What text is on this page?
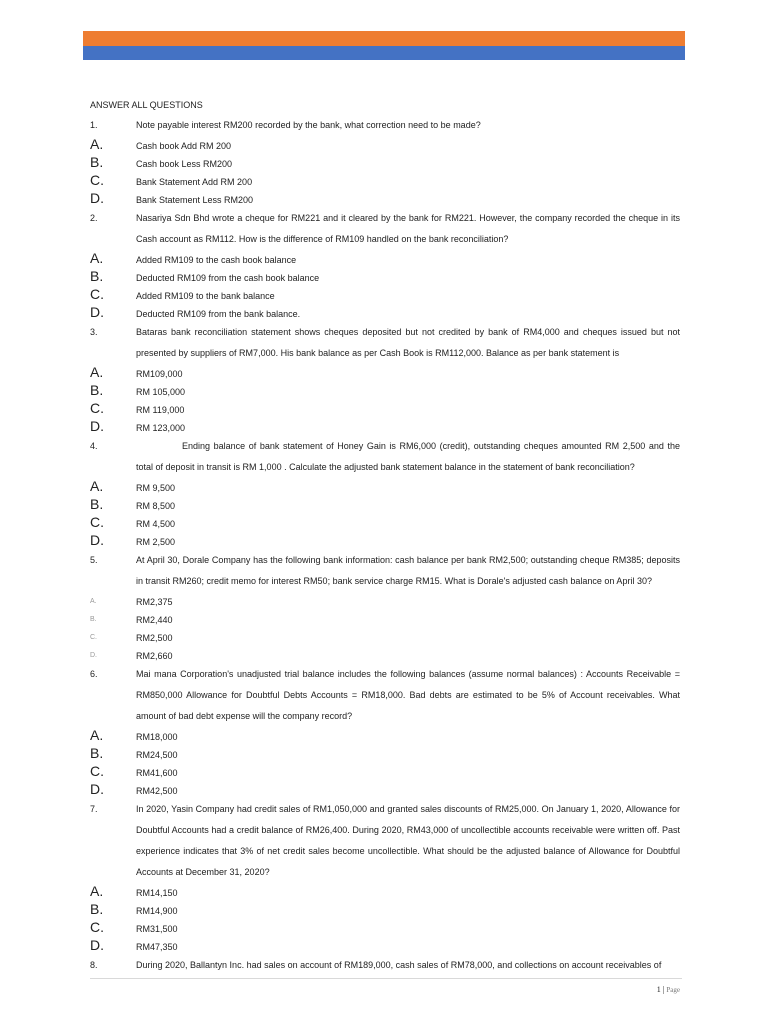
ANSWER ALL QUESTIONS
1.	Note payable interest RM200 recorded by the bank, what correction need to be made?
A.	Cash book Add RM 200
B.	Cash book Less RM200
C.	Bank Statement Add RM 200
D.	Bank Statement Less RM200
2.	Nasariya Sdn Bhd wrote a cheque for RM221 and it cleared by the bank for RM221. However, the company recorded the cheque in its Cash account as RM112. How is the difference of RM109 handled on the bank reconciliation?
A.	Added RM109 to the cash book balance
B.	Deducted RM109 from the cash book balance
C.	Added RM109 to the bank balance
D.	Deducted RM109 from the bank balance.
3.	Bataras bank reconciliation statement shows cheques deposited but not credited by bank of RM4,000 and cheques issued but not presented by suppliers of RM7,000. His bank balance as per Cash Book is RM112,000. Balance as per bank statement is
A.	RM109,000
B.	RM 105,000
C.	RM 119,000
D.	RM 123,000
4.	Ending balance of bank statement of Honey Gain is RM6,000 (credit), outstanding cheques amounted RM 2,500 and the total of deposit in transit is RM 1,000 . Calculate the adjusted bank statement balance in the statement of bank reconciliation?
A.	RM 9,500
B.	RM 8,500
C.	RM 4,500
D.	RM 2,500
5.	At April 30, Dorale Company has the following bank information: cash balance per bank RM2,500; outstanding cheque RM385; deposits in transit RM260; credit memo for interest RM50; bank service charge RM15. What is Dorale's adjusted cash balance on April 30?
A.	RM2,375
B.	RM2,440
C.	RM2,500
D.	RM2,660
6.	Mai mana Corporation's unadjusted trial balance includes the following balances (assume normal balances) : Accounts Receivable = RM850,000 Allowance for Doubtful Debts Accounts = RM18,000. Bad debts are estimated to be 5% of Account receivables. What amount of bad debt expense will the company record?
A.	RM18,000
B.	RM24,500
C.	RM41,600
D.	RM42,500
7.	In 2020, Yasin Company had credit sales of RM1,050,000 and granted sales discounts of RM25,000. On January 1, 2020, Allowance for Doubtful Accounts had a credit balance of RM26,400. During 2020, RM43,000 of uncollectible accounts receivable were written off. Past experience indicates that 3% of net credit sales become uncollectible. What should be the adjusted balance of Allowance for Doubtful Accounts at December 31, 2020?
A.	RM14,150
B.	RM14,900
C.	RM31,500
D.	RM47,350
8.	During 2020, Ballantyn Inc. had sales on account of RM189,000, cash sales of RM78,000, and collections on account receivables of
1 | Page
